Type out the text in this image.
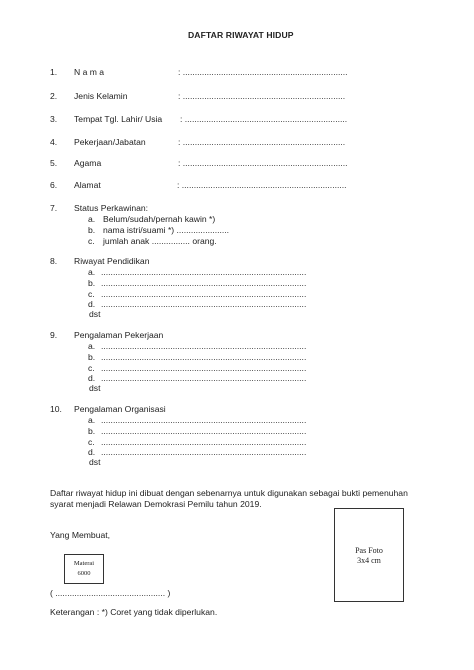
DAFTAR RIWAYAT HIDUP
1. N a m a	: .....................................................................
2. Jenis Kelamin	: ....................................................................
3. Tempat Tgl. Lahir/ Usia : ....................................................................
4. Pekerjaan/Jabatan	: ....................................................................
5. Agama	: .....................................................................
6. Alamat	: .....................................................................
7. Status Perkawinan:
a. Belum/sudah/pernah kawin *)
b. nama istri/suami *) ......................
c. jumlah anak ................ orang.
8. Riwayat Pendidikan
a. ......................................................................................
b. ......................................................................................
c. ......................................................................................
d. ......................................................................................
dst
9. Pengalaman Pekerjaan
a. ......................................................................................
b. ......................................................................................
c. ......................................................................................
d. ......................................................................................
dst
10. Pengalaman Organisasi
a. ......................................................................................
b. ......................................................................................
c. ......................................................................................
d. ......................................................................................
dst
Daftar riwayat hidup ini dibuat dengan sebenarnya untuk digunakan sebagai bukti pemenuhan
syarat menjadi Relawan Demokrasi Pemilu tahun 2019.
Yang Membuat,
Materai
6000
( .............................................. )
Pas Foto
3x4 cm
Keterangan : *) Coret yang tidak diperlukan.
